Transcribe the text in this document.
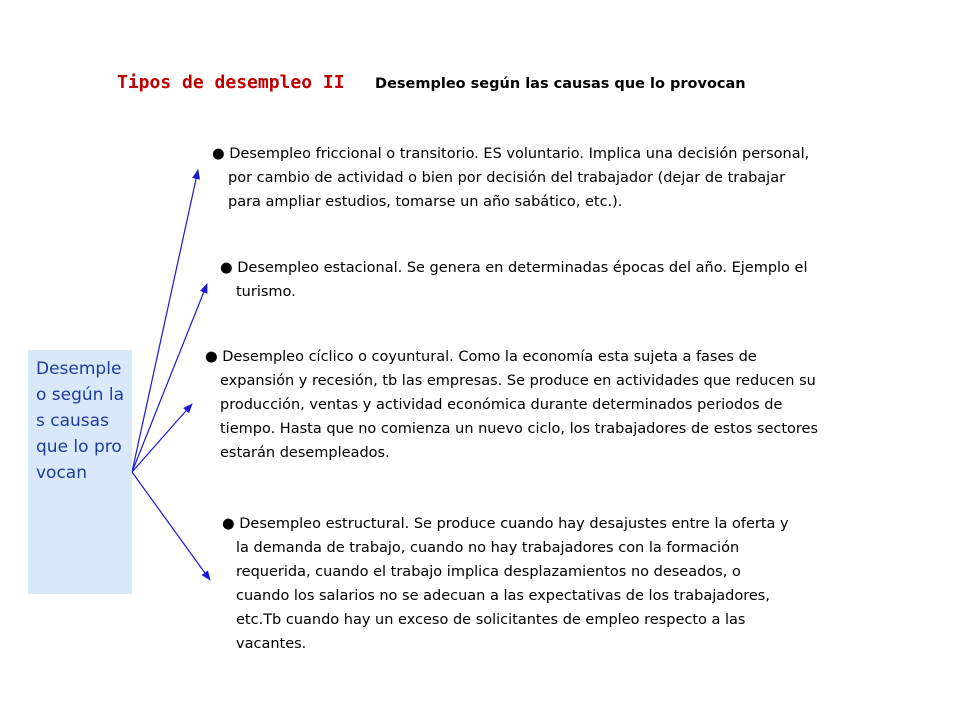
Tipos de desempleo II Desempleo según las causas que lo provocan
Desempleo según las causas que lo provocan
● Desempleo friccional o transitorio. ES voluntario. Implica una decisión personal,
por cambio de actividad o bien por decisión del trabajador (dejar de trabajar
para ampliar estudios, tomarse un año sabático, etc.).
● Desempleo estacional. Se genera en determinadas épocas del año. Ejemplo el
turismo.
● Desempleo cíclico o coyuntural. Como la economía esta sujeta a fases de
expansión y recesión, tb las empresas. Se produce en actividades que reducen su
producción, ventas y actividad económica durante determinados periodos de
tiempo. Hasta que no comienza un nuevo ciclo, los trabajadores de estos sectores
estarán desempleados.
● Desempleo estructural. Se produce cuando hay desajustes entre la oferta y
la demanda de trabajo, cuando no hay trabajadores con la formación
requerida, cuando el trabajo implica desplazamientos no deseados, o
cuando los salarios no se adecuan a las expectativas de los trabajadores,
etc.Tb cuando hay un exceso de solicitantes de empleo respecto a las
vacantes.
